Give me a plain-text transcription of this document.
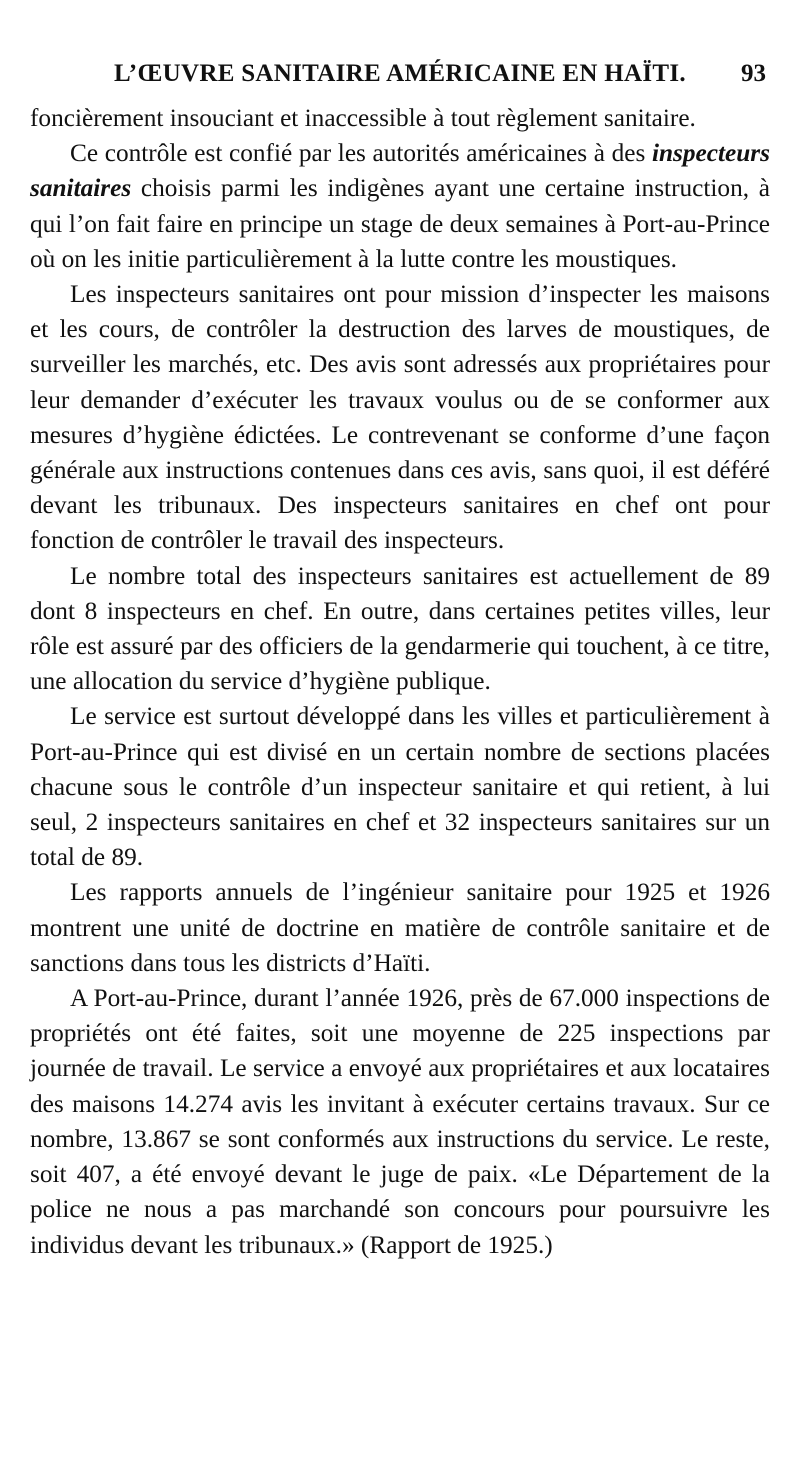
L’ŒUVRE SANITAIRE AMÉRICAINE EN HAÏTI.	93

foncièrement insouciant et inaccessible à tout règlement sanitaire.

Ce contrôle est confié par les autorités américaines à des inspecteurs sanitaires choisis parmi les indigènes ayant une certaine instruction, à qui l’on fait faire en principe un stage de deux semaines à Port-au-Prince où on les initie particulièrement à la lutte contre les moustiques.

Les inspecteurs sanitaires ont pour mission d’inspecter les maisons et les cours, de contrôler la destruction des larves de moustiques, de surveiller les marchés, etc. Des avis sont adressés aux propriétaires pour leur demander d’exécuter les travaux voulus ou de se conformer aux mesures d’hygiène édictées. Le contrevenant se conforme d’une façon générale aux instructions contenues dans ces avis, sans quoi, il est déféré devant les tribunaux. Des inspecteurs sanitaires en chef ont pour fonction de contrôler le travail des inspecteurs.

Le nombre total des inspecteurs sanitaires est actuellement de 89 dont 8 inspecteurs en chef. En outre, dans certaines petites villes, leur rôle est assuré par des officiers de la gendarmerie qui touchent, à ce titre, une allocation du service d’hygiène publique.

Le service est surtout développé dans les villes et particulièrement à Port-au-Prince qui est divisé en un certain nombre de sections placées chacune sous le contrôle d’un inspecteur sanitaire et qui retient, à lui seul, 2 inspecteurs sanitaires en chef et 32 inspecteurs sanitaires sur un total de 89.

Les rapports annuels de l’ingénieur sanitaire pour 1925 et 1926 montrent une unité de doctrine en matière de contrôle sanitaire et de sanctions dans tous les districts d’Haïti.

A Port-au-Prince, durant l’année 1926, près de 67.000 inspections de propriétés ont été faites, soit une moyenne de 225 inspections par journée de travail. Le service a envoyé aux propriétaires et aux locataires des maisons 14.274 avis les invitant à exécuter certains travaux. Sur ce nombre, 13.867 se sont conformés aux instructions du service. Le reste, soit 407, a été envoyé devant le juge de paix. «Le Département de la police ne nous a pas marchandé son concours pour poursuivre les individus devant les tribunaux.» (Rapport de 1925.)
